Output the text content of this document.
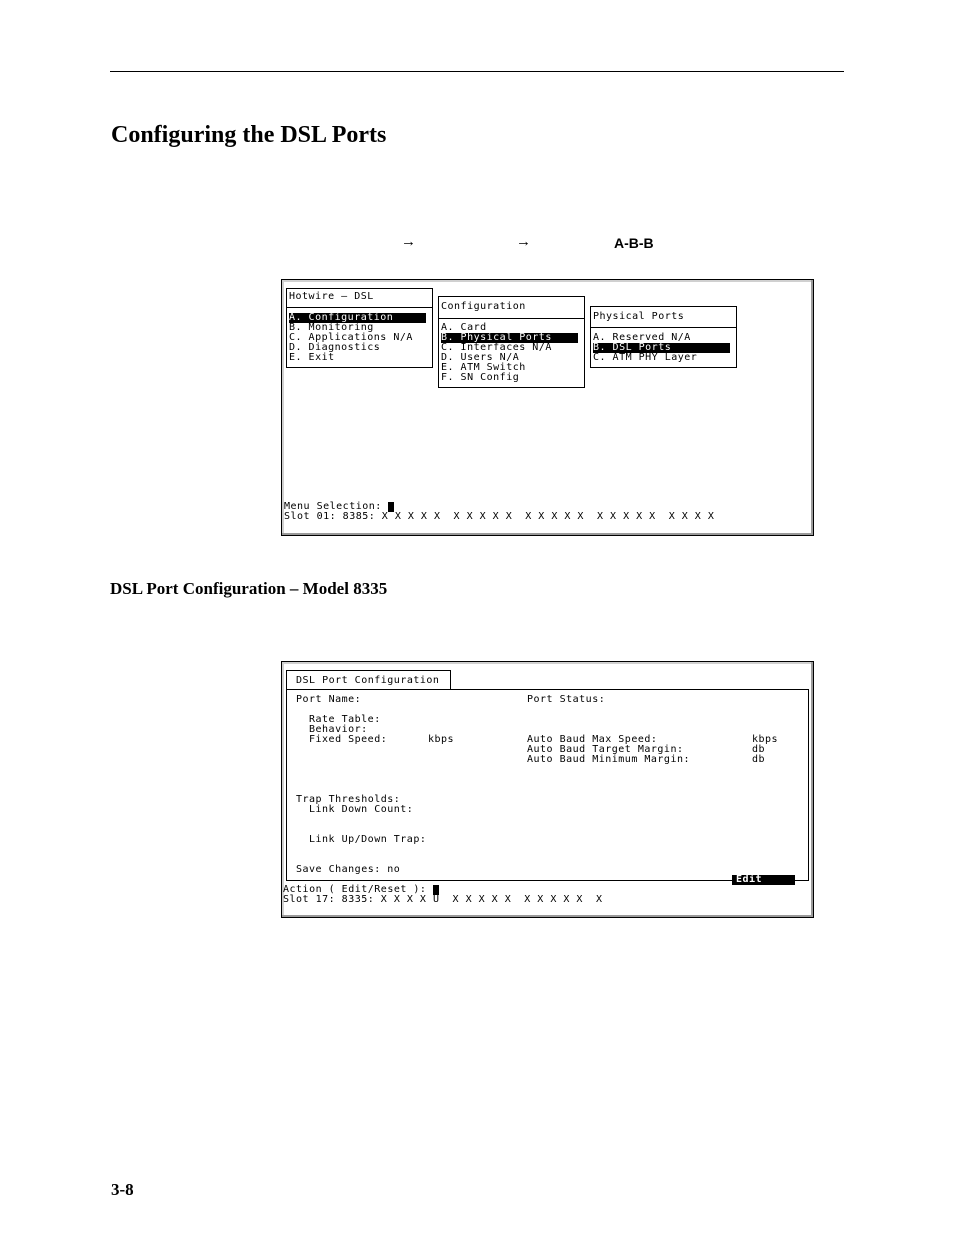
Configuring the DSL Ports
→	→	A-B-B
Hotwire – DSL
A. Configuration
B. Monitoring
C. Applications N/A
D. Diagnostics
E. Exit
Configuration
A. Card
B. Physical Ports
C. Interfaces N/A
D. Users N/A
E. ATM Switch
F. SN Config
Physical Ports
A. Reserved N/A
B. DSL Ports
C. ATM PHY Layer
Menu Selection:
Slot 01: 8385: X X X X X  X X X X X  X X X X X  X X X X X  X X X X
DSL Port Configuration – Model 8335
DSL Port Configuration
Port Name:	Port Status:
Rate Table:
Behavior:
Fixed Speed:	kbps	Auto Baud Max Speed:	kbps
Auto Baud Target Margin:	db
Auto Baud Minimum Margin:	db
Trap Thresholds:
Link Down Count:
Link Up/Down Trap:
Save Changes: no
Edit
Action ( Edit/Reset ):
Slot 17: 8335: X X X X U  X X X X X  X X X X X  X
3-8
